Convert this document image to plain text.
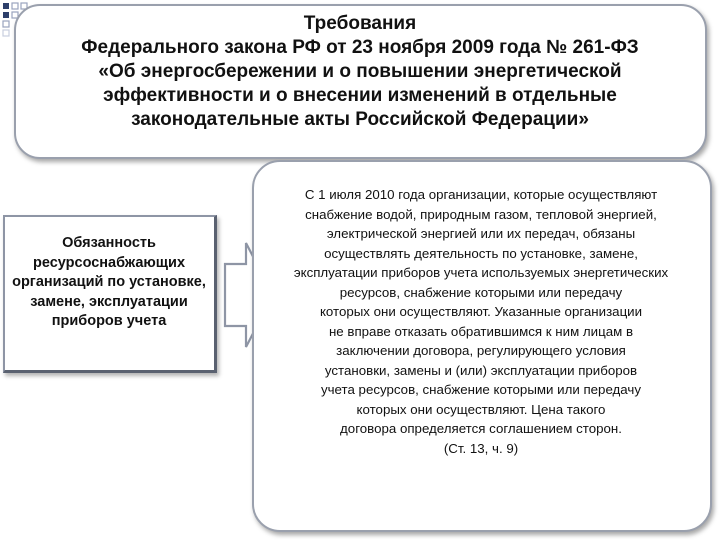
Требования
Федерального закона РФ от 23 ноября 2009 года № 261-ФЗ
«Об энергосбережении и о повышении энергетической
эффективности и о внесении изменений в отдельные
законодательные акты Российской Федерации»
Обязанность
ресурсоснабжающих
организаций по установке,
замене, эксплуатации
приборов учета
С 1 июля 2010 года организации, которые осуществляют
снабжение водой, природным газом, тепловой энергией,
электрической энергией или их передач, обязаны
осуществлять деятельность по установке, замене,
эксплуатации приборов учета используемых энергетических
ресурсов, снабжение которыми или передачу
которых они осуществляют. Указанные организации
не вправе отказать обратившимся к ним лицам в
заключении договора, регулирующего условия
установки, замены и (или) эксплуатации приборов
учета ресурсов, снабжение которыми или передачу
которых они осуществляют. Цена такого
договора определяется соглашением сторон.
(Ст. 13, ч. 9)
